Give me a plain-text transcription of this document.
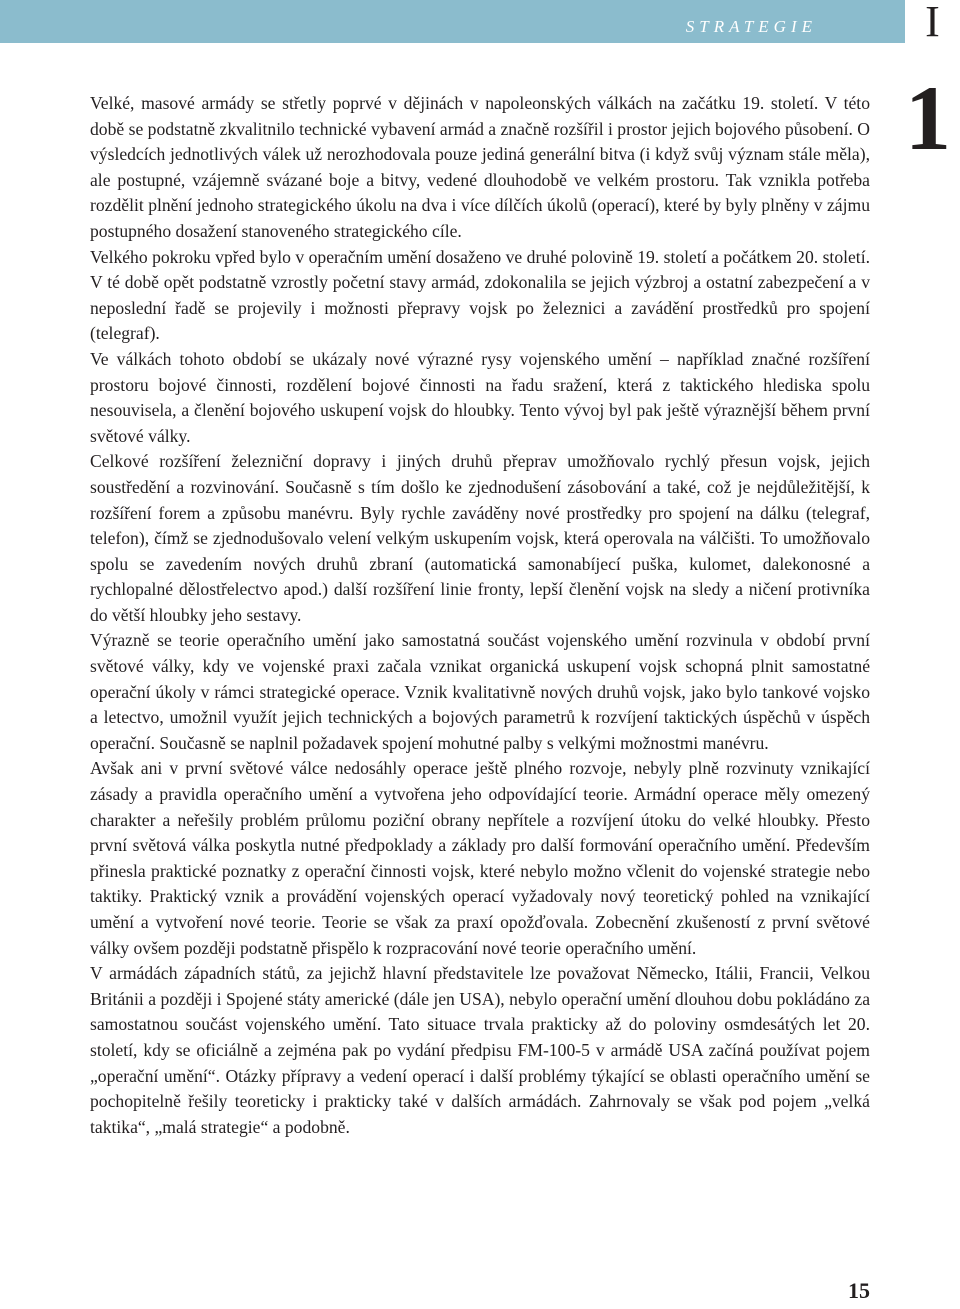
STRATEGIE	I
1

Velké, masové armády se střetly poprvé v dějinách v napoleonských válkách na začátku 19. století. V této době se podstatně zkvalitnilo technické vybavení armád a značně rozšířil i prostor jejich bojového působení. O výsledcích jednotlivých válek už nerozhodovala pouze jediná generální bitva (i když svůj význam stále měla), ale postupné, vzájemně svázané boje a bitvy, vedené dlouhodobě ve velkém prostoru. Tak vznikla potřeba rozdělit plnění jednoho strategického úkolu na dva i více dílčích úkolů (operací), které by byly plněny v zájmu postupného dosažení stanoveného strategického cíle.

Velkého pokroku vpřed bylo v operačním umění dosaženo ve druhé polovině 19. století a počátkem 20. století. V té době opět podstatně vzrostly početní stavy armád, zdokonalila se jejich výzbroj a ostatní zabezpečení a v neposlední řadě se projevily i možnosti přepravy vojsk po železnici a zavádění prostředků pro spojení (telegraf).

Ve válkách tohoto období se ukázaly nové výrazné rysy vojenského umění – například značné rozšíření prostoru bojové činnosti, rozdělení bojové činnosti na řadu sražení, která z taktického hlediska spolu nesouvisela, a členění bojového uskupení vojsk do hloubky. Tento vývoj byl pak ještě výraznější během první světové války.

Celkové rozšíření železniční dopravy i jiných druhů přeprav umožňovalo rychlý přesun vojsk, jejich soustředění a rozvinování. Současně s tím došlo ke zjednodušení zásobování a také, což je nejdůležitější, k rozšíření forem a způsobu manévru. Byly rychle zaváděny nové prostředky pro spojení na dálku (telegraf, telefon), čímž se zjednodušovalo velení velkým uskupením vojsk, která operovala na válčišti. To umožňovalo spolu se zavedením nových druhů zbraní (automatická samonabíjecí puška, kulomet, dalekonosné a rychlopalné dělostřelectvo apod.) další rozšíření linie fronty, lepší členění vojsk na sledy a ničení protivníka do větší hloubky jeho sestavy.

Výrazně se teorie operačního umění jako samostatná součást vojenského umění rozvinula v období první světové války, kdy ve vojenské praxi začala vznikat organická uskupení vojsk schopná plnit samostatné operační úkoly v rámci strategické operace. Vznik kvalitativně nových druhů vojsk, jako bylo tankové vojsko a letectvo, umožnil využít jejich technických a bojových parametrů k rozvíjení taktických úspěchů v úspěch operační. Současně se naplnil požadavek spojení mohutné palby s velkými možnostmi manévru.

Avšak ani v první světové válce nedosáhly operace ještě plného rozvoje, nebyly plně rozvinuty vznikající zásady a pravidla operačního umění a vytvořena jeho odpovídající teorie. Armádní operace měly omezený charakter a neřešily problém průlomu poziční obrany nepřítele a rozvíjení útoku do velké hloubky. Přesto první světová válka poskytla nutné předpoklady a základy pro další formování operačního umění. Především přinesla praktické poznatky z operační činnosti vojsk, které nebylo možno včlenit do vojenské strategie nebo taktiky. Praktický vznik a provádění vojenských operací vyžadovaly nový teoretický pohled na vznikající umění a vytvoření nové teorie. Teorie se však za praxí opožďovala. Zobecnění zkušeností z první světové války ovšem později podstatně přispělo k rozpracování nové teorie operačního umění.

V armádách západních států, za jejichž hlavní představitele lze považovat Německo, Itálii, Francii, Velkou Británii a později i Spojené státy americké (dále jen USA), nebylo operační umění dlouhou dobu pokládáno za samostatnou součást vojenského umění. Tato situace trvala prakticky až do poloviny osmdesátých let 20. století, kdy se oficiálně a zejména pak po vydání předpisu FM-100-5 v armádě USA začíná používat pojem „operační umění“. Otázky přípravy a vedení operací i další problémy týkající se oblasti operačního umění se pochopitelně řešily teoreticky i prakticky také v dalších armádách. Zahrnovaly se však pod pojem „velká taktika“, „malá strategie“ a podobně.

15
